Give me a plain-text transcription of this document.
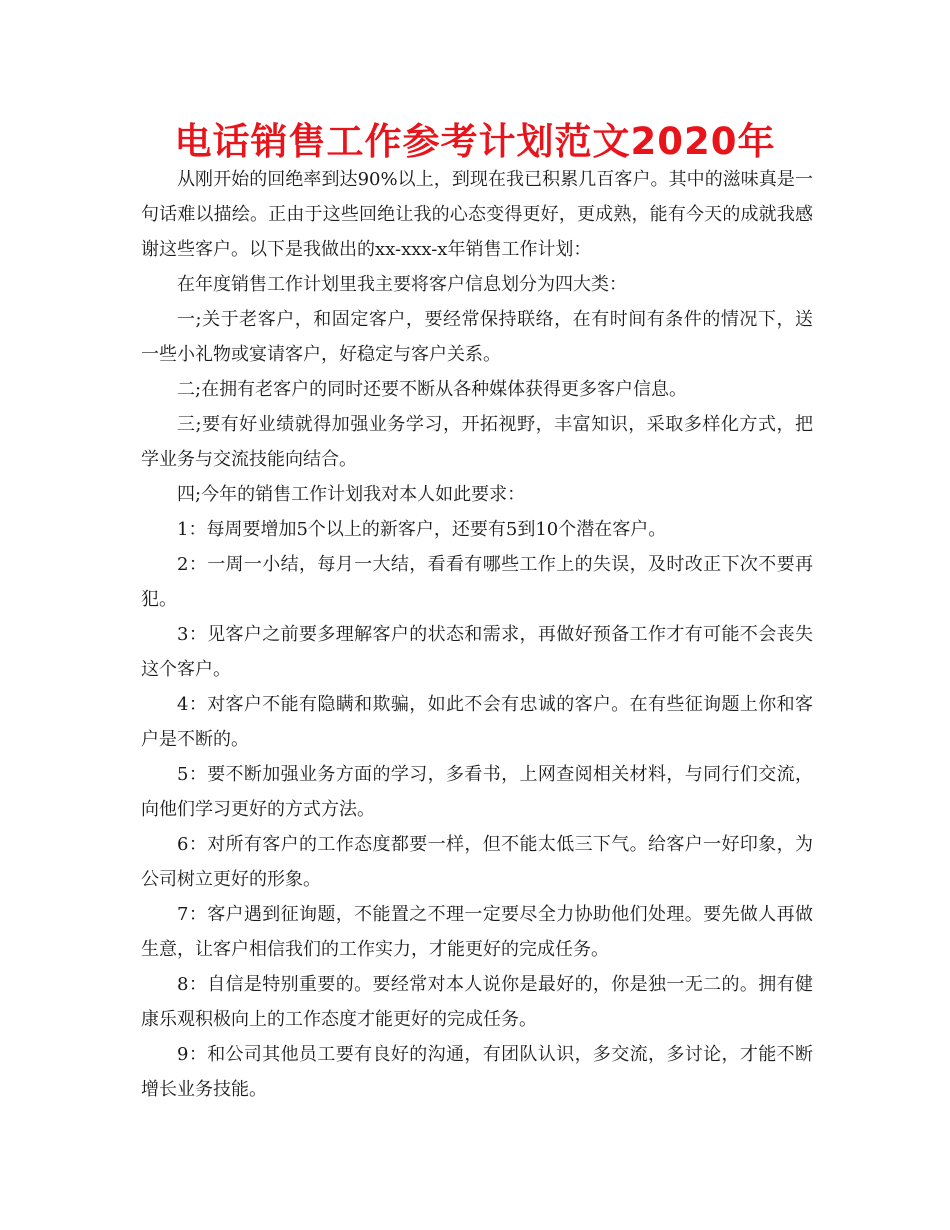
电话销售工作参考计划范文2020年

从刚开始的回绝率到达90%以上，到现在我已积累几百客户。其中的滋味真是一句话难以描绘。正由于这些回绝让我的心态变得更好，更成熟，能有今天的成就我感谢这些客户。以下是我做出的xx-xxx-x年销售工作计划：

在年度销售工作计划里我主要将客户信息划分为四大类：

一;关于老客户，和固定客户，要经常保持联络，在有时间有条件的情况下，送一些小礼物或宴请客户，好稳定与客户关系。

二;在拥有老客户的同时还要不断从各种媒体获得更多客户信息。

三;要有好业绩就得加强业务学习，开拓视野，丰富知识，采取多样化方式，把学业务与交流技能向结合。

四;今年的销售工作计划我对本人如此要求：

1：每周要增加5个以上的新客户，还要有5到10个潜在客户。

2：一周一小结，每月一大结，看看有哪些工作上的失误，及时改正下次不要再犯。

3：见客户之前要多理解客户的状态和需求，再做好预备工作才有可能不会丧失这个客户。

4：对客户不能有隐瞒和欺骗，如此不会有忠诚的客户。在有些征询题上你和客户是不断的。

5：要不断加强业务方面的学习，多看书，上网查阅相关材料，与同行们交流，向他们学习更好的方式方法。

6：对所有客户的工作态度都要一样，但不能太低三下气。给客户一好印象，为公司树立更好的形象。

7：客户遇到征询题，不能置之不理一定要尽全力协助他们处理。要先做人再做生意，让客户相信我们的工作实力，才能更好的完成任务。

8：自信是特别重要的。要经常对本人说你是最好的，你是独一无二的。拥有健康乐观积极向上的工作态度才能更好的完成任务。

9：和公司其他员工要有良好的沟通，有团队认识，多交流，多讨论，才能不断增长业务技能。
